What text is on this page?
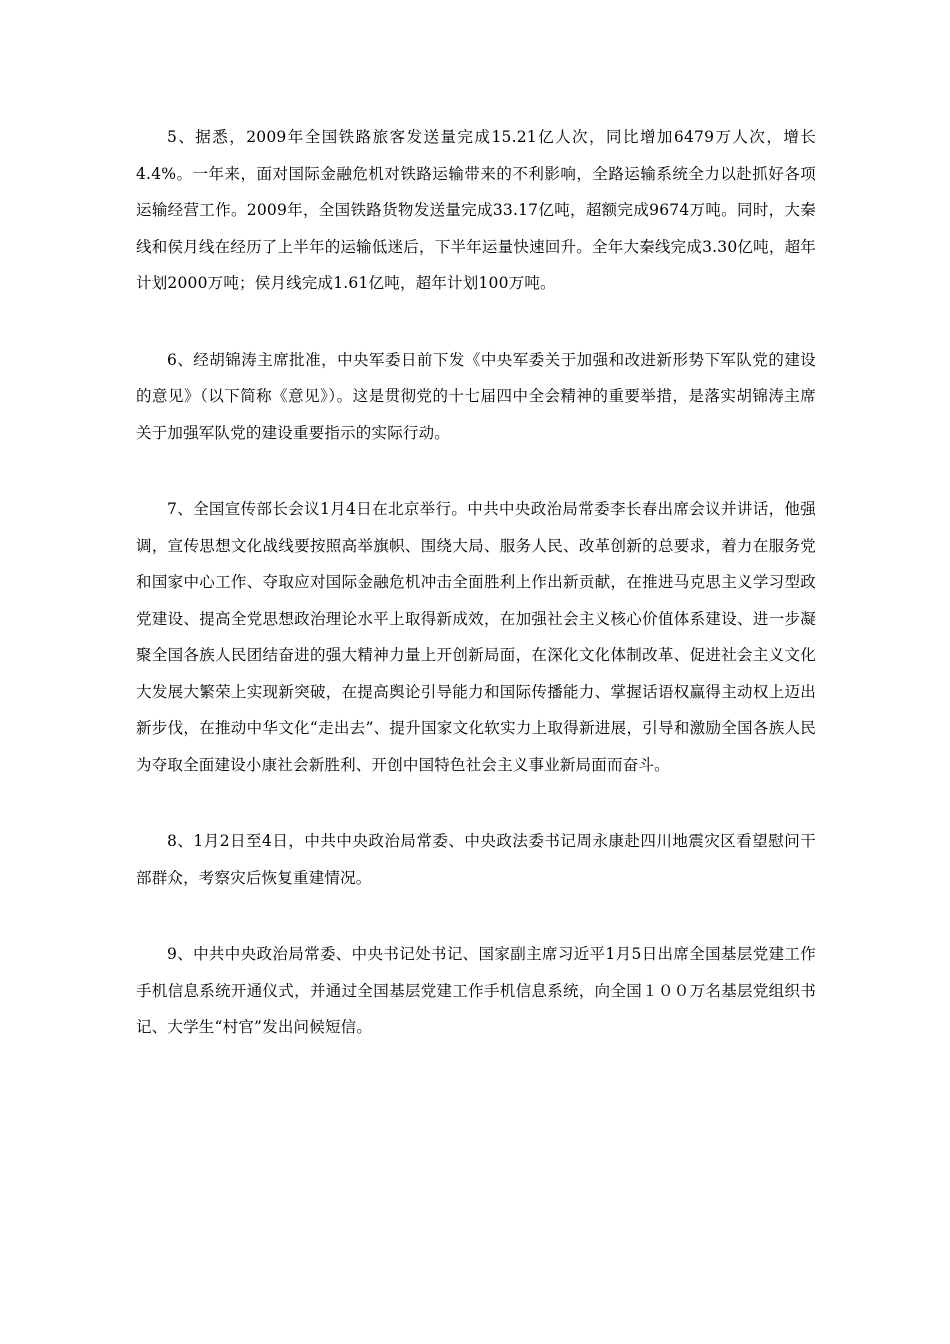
5、据悉，2009年全国铁路旅客发送量完成15.21亿人次，同比增加6479万人次，增长4.4%。一年来，面对国际金融危机对铁路运输带来的不利影响，全路运输系统全力以赴抓好各项运输经营工作。2009年，全国铁路货物发送量完成33.17亿吨，超额完成9674万吨。同时，大秦线和侯月线在经历了上半年的运输低迷后，下半年运量快速回升。全年大秦线完成3.30亿吨，超年计划2000万吨；侯月线完成1.61亿吨，超年计划100万吨。

6、经胡锦涛主席批准，中央军委日前下发《中央军委关于加强和改进新形势下军队党的建设的意见》（以下简称《意见》）。这是贯彻党的十七届四中全会精神的重要举措，是落实胡锦涛主席关于加强军队党的建设重要指示的实际行动。

7、全国宣传部长会议1月4日在北京举行。中共中央政治局常委李长春出席会议并讲话，他强调，宣传思想文化战线要按照高举旗帜、围绕大局、服务人民、改革创新的总要求，着力在服务党和国家中心工作、夺取应对国际金融危机冲击全面胜利上作出新贡献，在推进马克思主义学习型政党建设、提高全党思想政治理论水平上取得新成效，在加强社会主义核心价值体系建设、进一步凝聚全国各族人民团结奋进的强大精神力量上开创新局面，在深化文化体制改革、促进社会主义文化大发展大繁荣上实现新突破，在提高舆论引导能力和国际传播能力、掌握话语权赢得主动权上迈出新步伐，在推动中华文化“走出去”、提升国家文化软实力上取得新进展，引导和激励全国各族人民为夺取全面建设小康社会新胜利、开创中国特色社会主义事业新局面而奋斗。

8、1月2日至4日，中共中央政治局常委、中央政法委书记周永康赴四川地震灾区看望慰问干部群众，考察灾后恢复重建情况。

9、中共中央政治局常委、中央书记处书记、国家副主席习近平1月5日出席全国基层党建工作手机信息系统开通仪式，并通过全国基层党建工作手机信息系统，向全国１００万名基层党组织书记、大学生“村官”发出问候短信。
